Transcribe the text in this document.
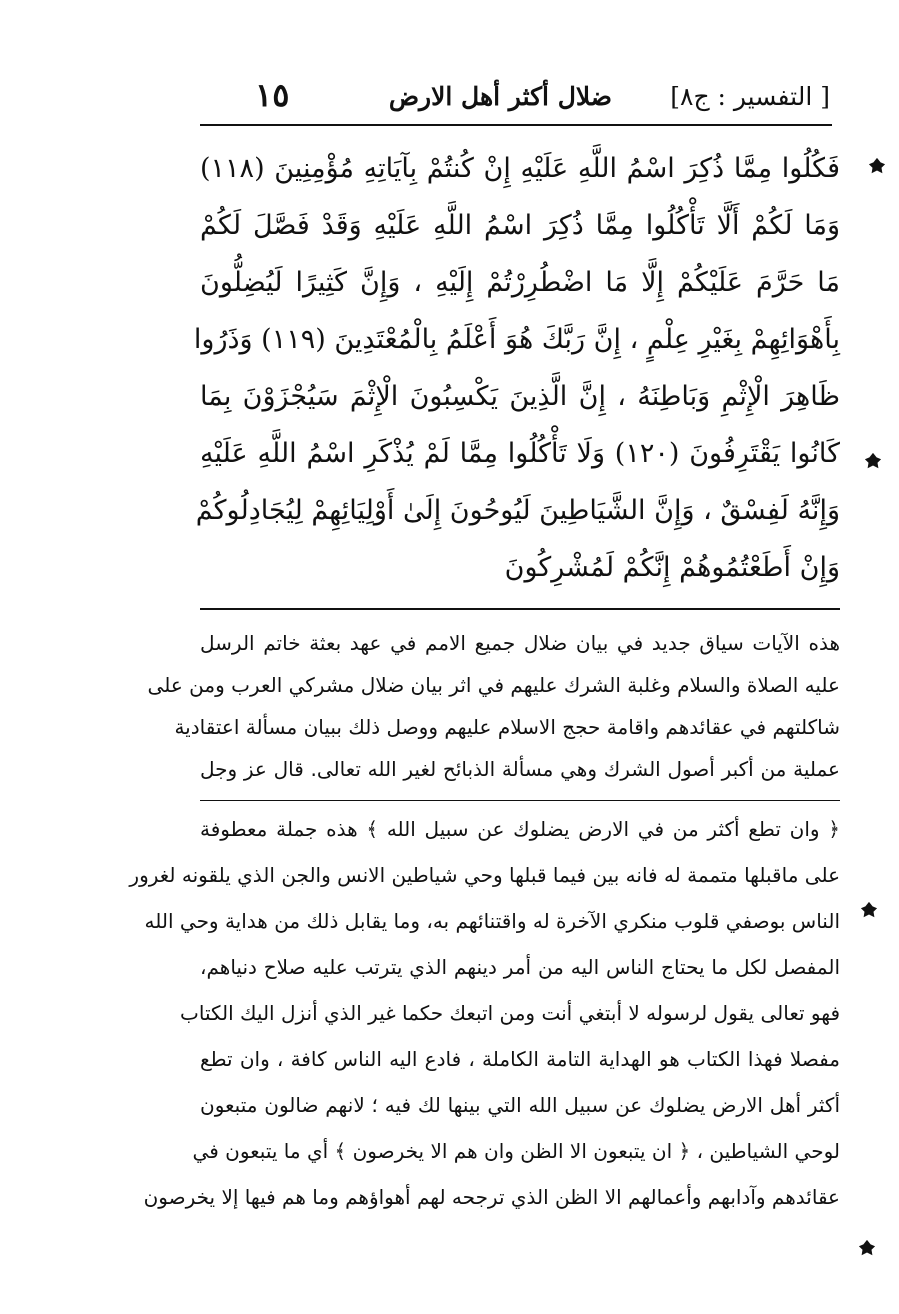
[ التفسير : ج٨]
ضلال أكثر أهل الارض
١٥
فَكُلُوا مِمَّا ذُكِرَ اسْمُ اللَّهِ عَلَيْهِ إِنْ كُنتُمْ بِآيَاتِهِ مُؤْمِنِينَ (١١٨)
وَمَا لَكُمْ أَلَّا تَأْكُلُوا مِمَّا ذُكِرَ اسْمُ اللَّهِ عَلَيْهِ وَقَدْ فَصَّلَ لَكُمْ
مَا حَرَّمَ عَلَيْكُمْ إِلَّا مَا اضْطُرِرْتُمْ إِلَيْهِ ، وَإِنَّ كَثِيرًا لَيُضِلُّونَ
بِأَهْوَائِهِمْ بِغَيْرِ عِلْمٍ ، إِنَّ رَبَّكَ هُوَ أَعْلَمُ بِالْمُعْتَدِينَ (١١٩) وَذَرُوا
ظَاهِرَ الْإِثْمِ وَبَاطِنَهُ ، إِنَّ الَّذِينَ يَكْسِبُونَ الْإِثْمَ سَيُجْزَوْنَ بِمَا
كَانُوا يَقْتَرِفُونَ (١٢٠) وَلَا تَأْكُلُوا مِمَّا لَمْ يُذْكَرِ اسْمُ اللَّهِ عَلَيْهِ
وَإِنَّهُ لَفِسْقٌ ، وَإِنَّ الشَّيَاطِينَ لَيُوحُونَ إِلَىٰ أَوْلِيَائِهِمْ لِيُجَادِلُوكُمْ
وَإِنْ أَطَعْتُمُوهُمْ إِنَّكُمْ لَمُشْرِكُونَ
هذه الآيات سياق جديد في بيان ضلال جميع الامم في عهد بعثة خاتم الرسل
عليه الصلاة والسلام وغلبة الشرك عليهم في اثر بيان ضلال مشركي العرب ومن على
شاكلتهم في عقائدهم واقامة حجج الاسلام عليهم ووصل ذلك ببيان مسألة اعتقادية
عملية من أكبر أصول الشرك وهي مسألة الذبائح لغير الله تعالى. قال عز وجل
﴿ وان تطع أكثر من في الارض يضلوك عن سبيل الله ﴾ هذه جملة معطوفة
على ماقبلها متممة له فانه بين فيما قبلها وحي شياطين الانس والجن الذي يلقونه لغرور
الناس بوصفي قلوب منكري الآخرة له واقتنائهم به، وما يقابل ذلك من هداية وحي الله
المفصل لكل ما يحتاج الناس اليه من أمر دينهم الذي يترتب عليه صلاح دنياهم،
فهو تعالى يقول لرسوله لا أبتغي أنت ومن اتبعك حكما غير الذي أنزل اليك الكتاب
مفصلا فهذا الكتاب هو الهداية التامة الكاملة ، فادع اليه الناس كافة ، وان تطع
أكثر أهل الارض يضلوك عن سبيل الله التي بينها لك فيه ؛ لانهم ضالون متبعون
لوحي الشياطين ، ﴿ ان يتبعون الا الظن وان هم الا يخرصون ﴾ أي ما يتبعون في
عقائدهم وآدابهم وأعمالهم الا الظن الذي ترجحه لهم أهواؤهم وما هم فيها إلا يخرصون
